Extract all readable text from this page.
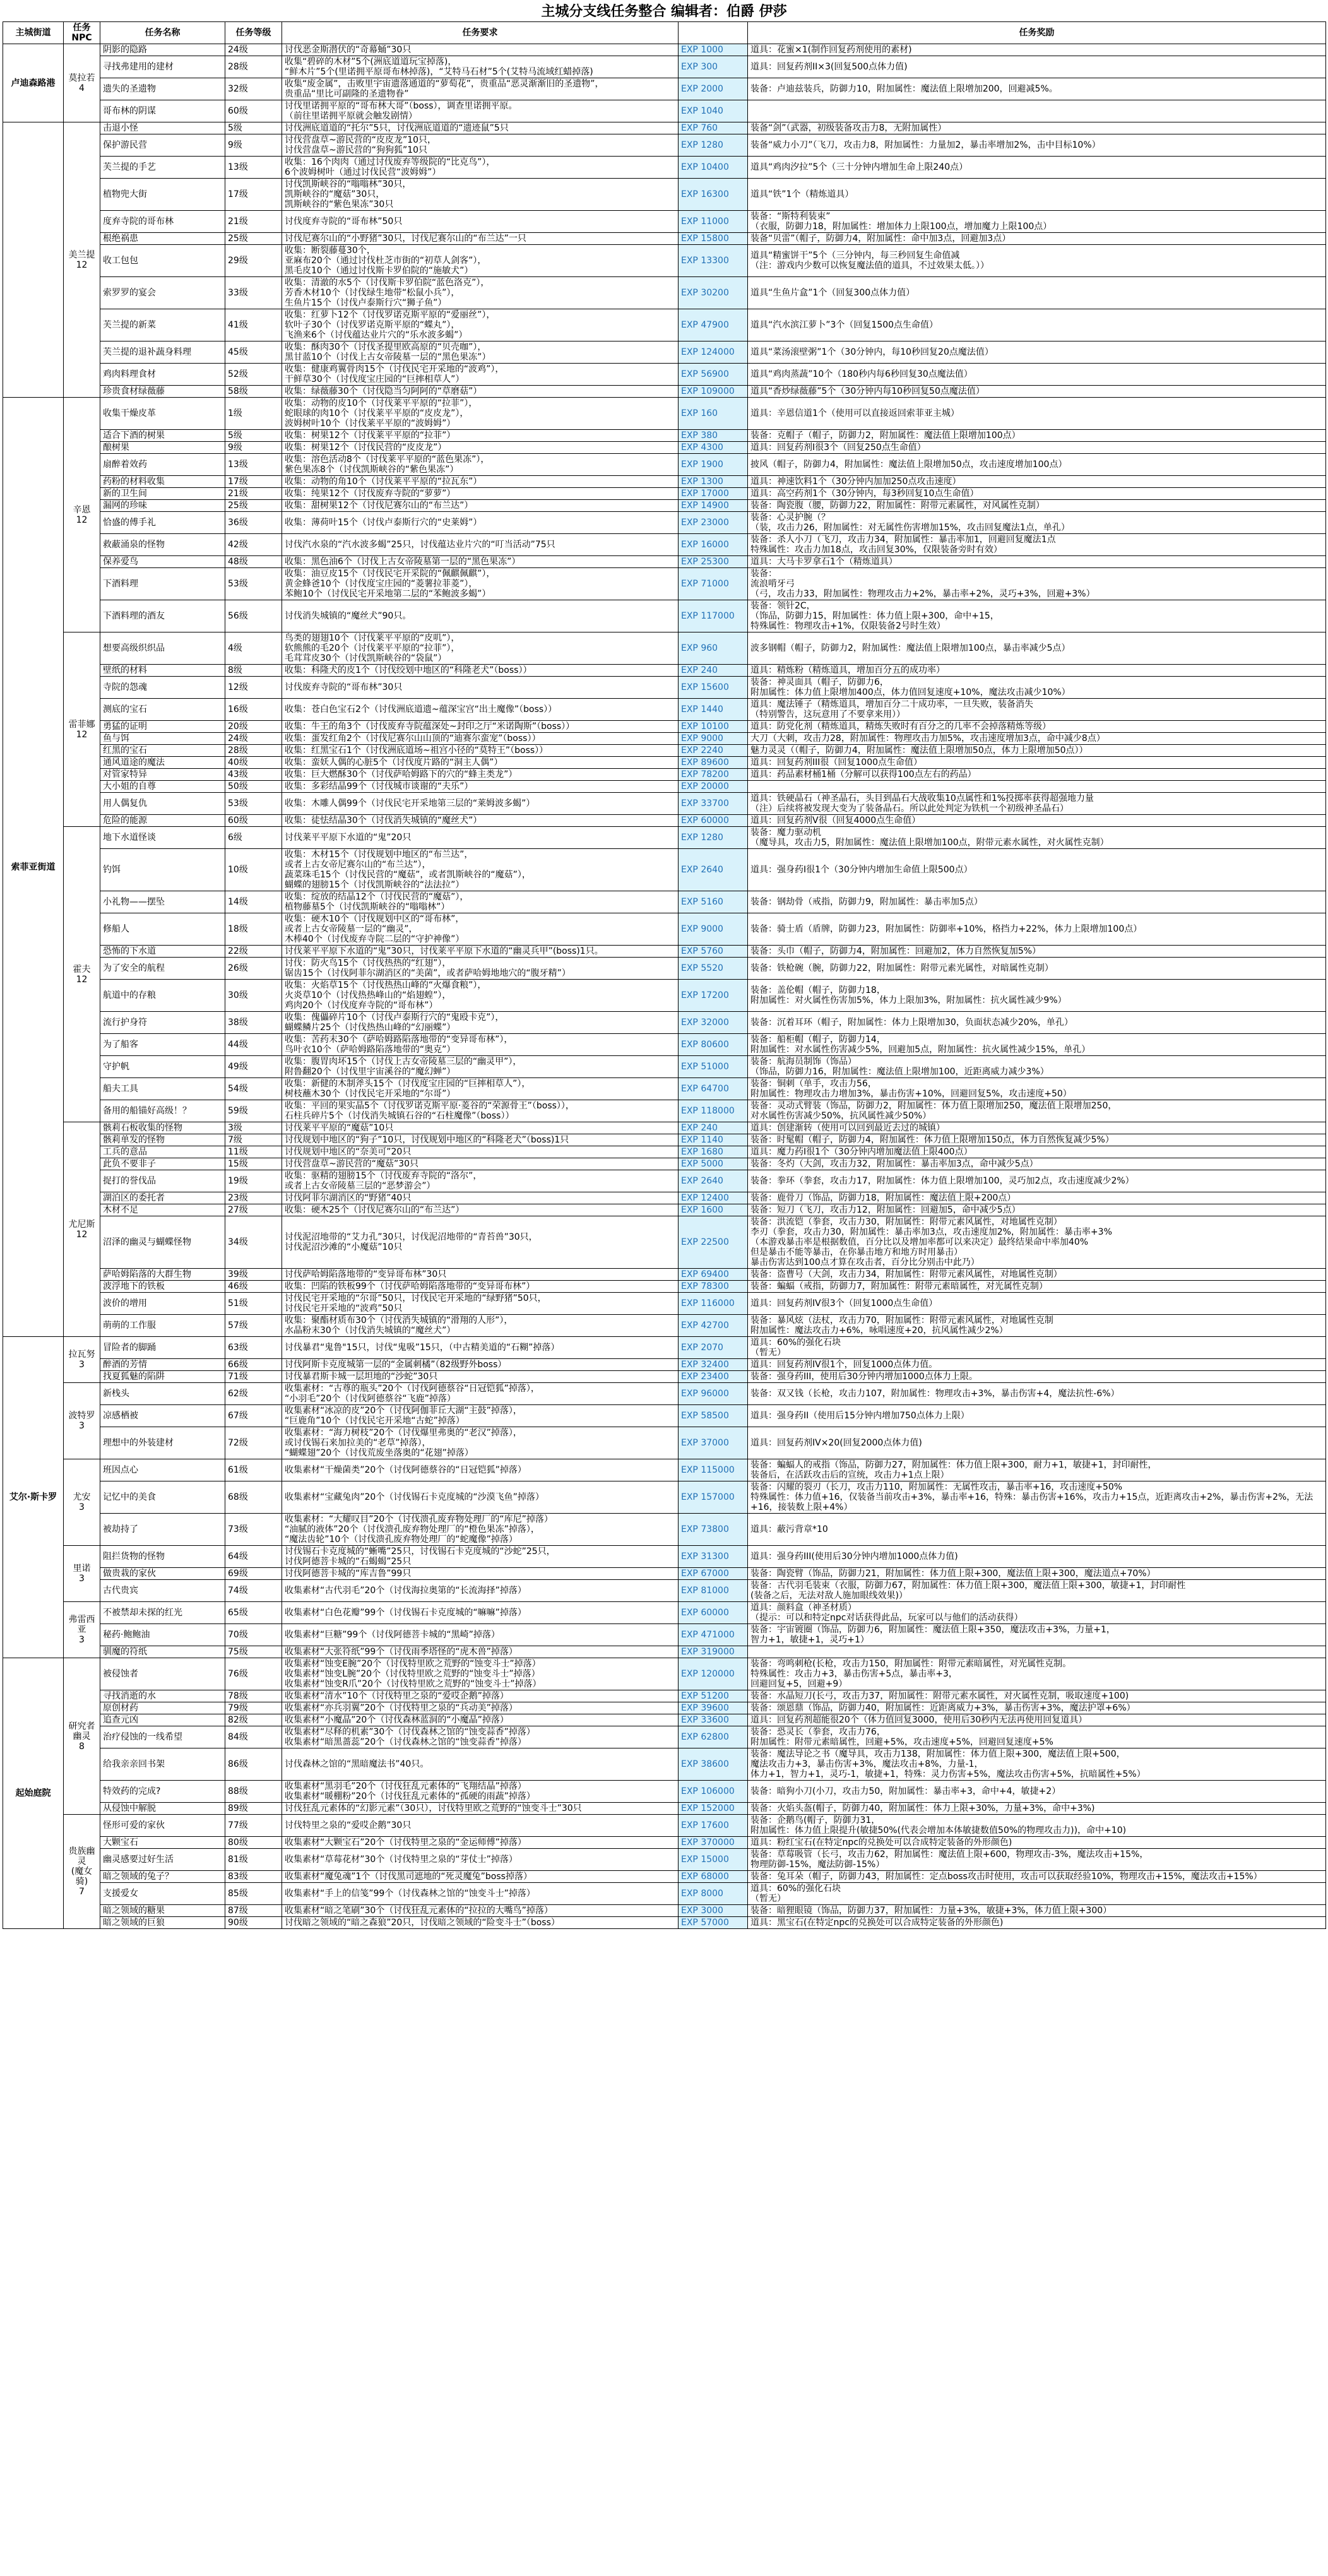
主城分支线任务整合 编辑者：伯爵 伊莎
主城街道	任务NPC	任务名称	任务等级	任务要求		任务奖励
卢迪森路港	莫拉若
4	阴影的隐路	24级	讨伐恶金斯潜伏的“奇幕蛹”30只	EXP 1000	道具：花蜜×1(制作回复药剂使用的素材)
		寻找弗建用的建材	28级	收集“碧碎的木材”5个(洲底道道玩宝掉落)，
“鲜木片”5个(里诺拥平原哥布林掉落)，“艾特马石材”5个(艾特马流域红蜡掉落)	EXP 300	道具：回复药剂II×3(回复500点体力值)
		遗失的圣遗物	32级	收集“废金属”，击败里宇宙遗落通道的“萝萄花”，贵重品“恶灵渐渐旧的圣遗物”，
贵重品“里比可副隆的圣遗物眷”	EXP 2000	装备：卢迪兹装兵，防御力10，附加属性：魔法值上限增加200，回避减5%。
		哥布林的阴谋	60级	讨伐里诺拥平原的“哥布林大哥”（boss），调查里诺拥平原。
（前往里诺拥平原就会触发剧情）	EXP 1040	
	美兰提
12	击退小怪	5级	讨伐洲底道道的“托尔”5只，讨伐洲底道道的“遗迹鼠”5只	EXP 760	装备“剑”（武器，初级装备攻击力8，无附加属性）
		保护游民营	9级	讨伐营盘草~游民营的“皮皮龙”10只，
讨伐营盘草~游民营的“狗狗狐”10只	EXP 1280	装备“威力小刀”（飞刀，攻击力8，附加属性：力量加2，暴击率增加2%，击中目标10%）
		芙兰提的手艺	13级	收集：16个肉肉（通过讨伐废弃等级院的“比克鸟”），
6个波姆树叶（通过讨伐民营“波姆姆”）	EXP 10400	道具“鸡肉汐拉”5个（三十分钟内增加生命上限240点）
		植物兜大街	17级	讨伐凯斯峡谷的“嗡嗡林”30只，
凯斯峡谷的“魔菇”30只，
凯斯峡谷的“紫色果冻”30只	EXP 16300	道具“铁”1个（精炼道具）
		度弃寺院的哥布林	21级	讨伐度弃寺院的“哥布林”50只	EXP 11000	装备：“斯特利装束”
（衣服，防御力18，附加属性：增加体力上限100点，增加魔力上限100点）
		根绝祸患	25级	讨伐尼赛尔山的“小野猪”30只，讨伐尼赛尔山的“布兰达”一只	EXP 15800	装备“贝雷”（帽子，防御力4，附加属性：命中加3点，回避加3点）
		收工包包	29级	收集：断裂藤蔓30个，
亚麻布20个（通过讨伐杜芝市街的“初草人剑客”），
黑毛皮10个（通过讨伐斯卡罗伯院的“施敏犬”）	EXP 13300	道具“精蜜饼干”5个（三分钟内，每三秒回复生命值减
（注：游戏内少数可以恢复魔法值的道具，不过效果太低。））
		索罗罗的宴会	33级	收集：清澈的水5个（讨伐斯卡罗伯院“蓝色洛克”），
芳香木材10个（讨伐绿生地带“松鼠小兵”），
生鱼片15个（讨伐卢泰斯行穴“狮子鱼”）	EXP 30200	道具“生鱼片盒”1个（回复300点体力值）
		芙兰提的新菜	41级	收集：红萝卜12个（讨伐罗诺克斯平原的“爱丽丝”），
软叶子30个（讨伐罗诺克斯平原的“蝶丸”），
飞渔来6个（讨伐蕴达业片穴的“乐水波多蝎”）	EXP 47900	道具“汽水滨江萝卜”3个（回复1500点生命值）
		芙兰提的退补蔬身料理	45级	收集：酥肉30个（讨伐圣提里欧高原的“贝壳咖”），
黑甘蓝10个（讨伐上古女帝陵墓一层的“黑色果冻”）	EXP 124000	道具“菜汤滚壁粥”1个（30分钟内，每10秒回复20点魔法值）
		鸡肉料理食材	52级	收集：健康鸡翼骨肉15个（讨伐民宅开采地的“波鸡”），
干鲜草30个（讨伐度宝庄园的“巨摔相草人”）	EXP 56900	道具“鸡肉蒸蔬”10个（180秒内每6秒回复30点魔法值）
		珍贵食材绿薇藤	58级	收集：绿薇藤30个（讨伐隐当匀阿阿的“草磨菇”）	EXP 109000	道具“香炒绿薇藤”5个（30分钟内每10秒回复50点魔法值）
索菲亚街道	辛恩
12	收集干燥皮革	1级	收集：动物的皮10个（讨伐莱平平原的“拉菲”），
蛇眼球的肉10个（讨伐莱平平原的“皮皮龙”），
波姆树叶10个（讨伐莱平平原的“波姆姆”）	EXP 160	道具：辛恩信道1个（使用可以直接返回索菲亚主城）
		适合下酒的树果	5级	收集：树果12个（讨伐莱平平原的“拉菲”）	EXP 380	装备：克帽子（帽子，防御力2，附加属性：魔法值上限增加100点）
		酿树果	9级	收集：树果12个（讨伐民营的“皮皮龙”）	EXP 4300	道具：回复药剂I很3个（回复250点生命值）
		扇醉着效药	13级	收集：溶色活动8个（讨伐莱平平原的“蓝色果冻”），
紫色果冻8个（讨伐凯斯峡谷的“紫色果冻”）	EXP 1900	披风（帽子，防御力4，附加属性：魔法值上限增加50点，攻击速度增加100点）
		药粉的材料收集	17级	收集：动物的角10个（讨伐莱平平原的“拉瓦东”）	EXP 1300	道具：神速饮料1个（30分钟内加加250点攻击速度）
		新的卫生间	21级	收集：纯果12个（讨伐废弃寺院的“萝萝”）	EXP 17000	道具：高空药剂1个（30分钟内，每3秒回复10点生命值）
		漏网的珍味	25级	收集：甜树果12个（讨伐尼赛尔山的“布兰达”）	EXP 14900	装备：陶瓷腹（腰，防御力22，附加属性：附带元素属性，对风属性克制）
		恰盛的傅手礼	36级	收集：薄荷叶15个（讨伐卢泰斯行穴的“史莱姆”）	EXP 23000	装备：心灵护腕（？
（装，攻击力26，附加属性：对无属性伤害增加15%，攻击回复魔法1点，单孔）
		救蔽涌泉的怪物	42级	讨伐汽水泉的“汽水波多蝎”25只，讨伐蕴达业片穴的“叮当活动”75只	EXP 16000	装备：杀人小刀（飞刀，攻击力34，附加属性：暴击率加1，回避回复魔法1点
特殊属性：攻击力加18点，攻击回复30%，仅限装备旁时有效）
		保养爱鸟	48级	收集：黑色油6个（讨伐上古女帝陵墓第一层的“黑色果冻”）	EXP 25300	道具：大马卡罗拿石1个（精炼道具）
		下酒料理	53级	收集：油豆皮15个（讨伐民宅开采院的“佩麒佩麒”），
黄金蜂爸10个（讨伐度宝庄园的“菱薯拉菲菱”），
苯鲍10个（讨伐民宅开采地第二层的“苯鲍波多蝎”）	EXP 71000	装备：
流浪啃牙弓
（弓，攻击力33，附加属性：物理攻击力+2%，暴击率+2%，灵巧+3%，回避+3%）
		下酒料理的酒友	56级	讨伐消失城镇的“魔丝犬”90只。	EXP 117000	装备：领针2C，
（饰品，防御力15，附加属性：体力值上限+300，命中+15，
特殊属性：物理攻击+1%，仅限装备2号时生效）
	雷菲娜
12	想要高级织织品	4级	鸟类的翅翅10个（讨伐莱平平原的“皮叽”），
软熊熊的毛20个（讨伐莱平平原的“拉菲”），
毛茸茸皮30个（讨伐凯斯峡谷的“袋鼠”）	EXP 960	波多钢帽（帽子，防御力2，附加属性：魔法值上限增加100点，暴击率减少5点）
		壁纸的材料	8级	收集：科隆犬的皮1个（讨伐绞划中地区的“科隆老犬”（boss））	EXP 240	道具：精炼粉（精炼道具，增加百分五的成功率）
		寺院的怨魂	12级	讨伐废弃寺院的“哥布林”30只	EXP 15600	装备：神灵面具（帽子，防御力6，
附加属性：体力值上限增加400点，体力值回复速度+10%，魔法攻击减少10%）
		测底的宝石	16级	收集：苍白色宝石2个（讨伐洲底道遗~蕴深宝宫“出土魔像”（boss））	EXP 1440	道具：魔法锤子（精炼道具，增加百分二十成功率，一旦失败，装备消失
（特别警告，这玩意用了不要拿来用））
		勇猛的证明	20级	收集：牛王的角3个（讨伐废弃寺院蕴深处~封印之厅“米诺陶斯”（boss））	EXP 10100	道具：防党化剂（精炼道具，精炼失败时有百分之的几率不会掉落精炼等级）
		鱼与饵	24级	收集：蛋发红角2个（讨伐尼赛尔山山顶的“迪赛尔蛮宠”（boss））	EXP 9000	大刀（大刺，攻击力28，附加属性：物理攻击力加5%，攻击速度增加3点，命中减少8点）
		红黑的宝石	28级	收集：红黑宝石1个（讨伐洲底道场~祖宫小径的“莫特王”（boss））	EXP 2240	魅力灵灵（（帽子，防御力4，附加属性：魔法值上限增加50点，体力上限增加50点））
		通风道途的魔法	40级	收集：蛮妖人偶的心脏5个（讨伐度片路的“洞主人偶”）	EXP 89600	道具：回复药剂III很（回复1000点生命值）
		对管家特异	43级	收集：巨大燃酥30个（讨伐萨哈姆路下的穴的“蜂主类龙”）	EXP 78200	道具：药品素材桶1桶（分解可以获得100点左右的药品）
		大小姐的自尊	50级	收集：多彩结晶99个（讨伐城市谈谢的“夫乐”）	EXP 20000	
		用人偶复仇	53级	收集：木雕人偶99个（讨伐民宅开采地第三层的“莱姆波多蝎”）	EXP 33700	道具：铁硬晶石（神圣晶石，头目到晶石大战收集10点属性和1%投掷率获得超强地力量
（注）后续将被发现大变为了装备晶石。所以此处判定为铁机一个初级神圣晶石）
		危险的能源	60级	收集：徒怯结晶30个（讨伐消失城镇的“魔丝犬”）	EXP 60000	道具：回复药剂V很（回复4000点生命值）
	霍夫
12	地下水道怪谈	6级	讨伐莱平平原下水道的“鬼”20只	EXP 1280	装备：魔力驱动机
（魔导具，攻击力5，附加属性：魔法值上限增加100点，附带元素水属性，对火属性克制）
		钓饵	10级	收集：木材15个（讨伐规划中地区的“布兰达”，
或者上古女帝尼赛尔山的“布兰达”），
蔬菜珠毛15个（讨伐民营的“魔菇”，或者凯斯峡谷的“魔菇”），
蝴蝶的翅膀15个（讨伐凯斯峡谷的“法法拉”）	EXP 2640	道具：强身药I很1个（30分钟内增加生命值上限500点）
		小礼物——摆坠	14级	收集：绽放的结晶12个（讨伐民营的“魔菇”），
植物藤墓5个（讨伐凯斯峡谷的“嗡嗡林”）	EXP 5160	装备：钢劫骨（戒指，防御力9，附加属性：暴击率加5点）
		修船人	18级	收集：硬木10个（讨伐规划中区的“哥布林”，
或者上古女帝陵墓一层的“幽灵”，
木棒40个（讨伐废弃寺院二层的“守护神像”）	EXP 9000	装备：骑士盾（盾牌，防御力23，附加属性：防御率+10%，格挡力+22%，体力上限增加100点）
		恐怖的下水道	22级	讨伐莱平平原下水道的“鬼”30只，讨伐莱平平原下水道的“幽灵兵甲”(boss)1只。	EXP 5760	装备：头巾（帽子，防御力4，附加属性：回避加2，体力自然恢复加5%）
		为了安全的航程	26级	讨伐：防火鸟15个（讨伐热热的“红翅”），
锯齿15个（讨伐阿菲尔湖消区的“美菌”，或者萨哈姆地地穴的“腹牙精”）	EXP 5520	装备：铁枪碗（腕，防御力22，附加属性：附带元素光属性，对暗属性克制）
		航道中的存粮	30级	收集：火焰草15个（讨伐热热山峰的“火爆食粮”），
火炎草10个（讨伐热热峰山的“焰翅蝗”），
鸡肉20个（讨伐度弃寺院的“哥布林”）	EXP 17200	装备：盖伦帽（帽子，防御力18，
附加属性：对火属性伤害加5%，体力上限加3%，附加属性：抗火属性减少9%）
		流行护身符	38级	收集：傀儡碎片10个（讨伐卢泰斯行穴的“鬼殴卡克”），
蝴蝶鳞片25个（讨伐热热山峰的“幻丽蝶”）	EXP 32000	装备：沉着耳环（帽子，附加属性：体力上限增加30，负面状态减少20%，单孔）
		为了船客	44级	收集：苦药末30个（萨哈姆路陷落地带的“变异哥布林”），
鸟叶衣10个（萨哈姆路陷落地带的“奥克”）	EXP 80600	装备：船柜帽（帽子，防御力14，
附加属性：对水属性伤害减少5%，回避加5点，附加属性：抗火属性减少15%，单孔）
		守护帆	49级	收集：腹胃肉坏15个（讨伐上古女帝陵墓三层的“幽灵甲”），
附鲁翻20个（讨伐里宇宙溪谷的“魔幻蝉”）	EXP 51000	装备：航海员制饰（饰品）
（饰品，防御力16，附加属性：魔法值上限增加100，近距离威力减少3%）
		船夫工具	54级	收集：新健的木制斧头15个（讨伐度宝庄园的“巨摔相草人”），
树枝蘸木30个（讨伐民宅开采地的“尔哥”）	EXP 64700	装备：铜刺（单手，攻击力56，
附加属性：物理攻击力增加3%，暴击伤害+10%，回避回复5%，攻击速度+50）
		备用的船锚好高级！？	59级	收集：平回的果实晶5个（讨伐罗诺克斯平原·菱谷的“荣源骨王”（boss）），
石柱兵碎片5个（讨伐消失城镇石谷的“石柱魔像”（boss））	EXP 118000	装备：灵动式臂装（饰品，防御力2，附加属性：体力值上限增加250，魔法值上限增加250，
对水属性伤害减少50%，抗风属性减少50%）
	尤尼斯
12	骸莉石板收集的怪物	3级	讨伐莱平平原的“魔菇”10只	EXP 240	道具：创建渐转（使用可以回到最近去过的城镇）
		骸莉单发的怪物	7级	讨伐规划中地区的“狗子”10只，讨伐规划中地区的“科隆老犬”（boss)1只	EXP 1140	装备：时髦帽（帽子，防御力4，附加属性：体力值上限增加150点，体力自然恢复减少5%）
		工兵的意品	11级	讨伐规划中地区的“奈美可”20只	EXP 1680	道具：魔力药I很1个（30分钟内增加魔法值上限400点）
		此负不要非子	15级	讨伐营盘草~游民营的“魔菇”30只	EXP 5000	装备：冬灼（大剑，攻击力32，附加属性：暴击率加3点，命中减少5点）
		捉打的誉伐品	19级	收集：驱精的翅膀15个（讨伐废弃寺院的“洛尔”，
或者上古女帝陵墓三层的“恶梦游会”）	EXP 2640	装备：拳环（拳套，攻击力17，附加属性：体力值上限增加100，灵巧加2点，攻击速度减少2%）
		湖泊区的委托者	23级	讨伐阿菲尔湖消区的“野猪”40只	EXP 12400	装备：鹿骨刀（饰品，防御力18，附加属性：魔法值上限+200点）
		木材不足	27级	收集：硬木25个（讨伐尼赛尔山的“布兰达”）	EXP 1600	装备：短刀（飞刀，攻击力12，附加属性：回避加5，命中减少5点）
		沼泽的幽灵与蝴蝶怪物	34级	讨伐泥沼地带的“艾力孔”30只，讨伐泥沼地带的“青苔兽”30只，
讨伐泥沼沙滩的“小魔菇”10只	EXP 22500	装备：洪流铠（拳套，攻击力30，附加属性：附带元素风属性，对地属性克制）
李刃（拳套，攻击力30，附加属性：暴击率加3点，攻击速度加2%，附加属性：暴击率+3%
（本游戏暴击率是根据数值，百分比以及增加率都可以来决定）最终结果命中率加40%
但是暴击不能等暴击，在你暴击地方和地方时用暴击）
暴击伤害达到100点才算在攻击者，百分比分别击中此乃）
		萨哈姆陷落的大群生物	39级	讨伐萨哈姆陷落地带的“变异哥布林”30只	EXP 69400	装备：盗曹号（大剑，攻击力34，附加属性：附带元素风属性，对地属性克制）
		波浮地下的铁板	46级	收集：凹陷的铁板99个（讨伐萨哈姆陷落地带的“变异哥布林”）	EXP 78300	装备：蝙蝠（戒指，防御力7，附加属性：附带元素暗属性，对光属性克制）
		波价的增用	51级	讨伐民宅开采地的“尔哥”50只，讨伐民宅开采地的“绿野猪”50只，
讨伐民宅开采地的“波鸡”50只	EXP 116000	道具：回复药剂IV很3个（回复1000点生命值）
		萌萌的工作服	57级	收集：聚酯材质布30个（讨伐消失城镇的“滑翔的人形”），
水晶粉末30个（讨伐消失城镇的“魔丝犬”）	EXP 42700	装备：暴风炫（法杖，攻击力70，附加属性：附带元素风属性，对地属性克制
附加属性：魔法攻击力+6%，咏唱速度+20，抗风属性减少2%）
艾尔·斯卡罗	拉瓦努
3	冒险者的脚踊	63级	讨伐暴君“鬼鲁"15只，讨伐“鬼吸”15只，（中古精美道的“石糊”掉落）	EXP 2070	道具：60%的强化石块
（暂无）
		醉酒的芳情	66级	讨伐阿斯卡克度城第一层的“金属刺橘”（82级野外boss）	EXP 32400	道具：回复药剂IV很1个，回复1000点体力值。
		找夏狐魅的陷阱	71级	讨伐暴君斯卡城一层坦地的“沙蛇”30只	EXP 23400	装备：强身药III，使用后30分钟内增加1000点体力上限。
	波特罗
3	新栈头	62级	收集素材：“古尊的瓶头”20个（讨伐阿德蔡谷“日冠铠狐”掉落），
“小羽毛”20个（讨伐阿德蔡谷“飞鹿”掉落）	EXP 96000	装备：双又钱（长枪，攻击力107，附加属性：物理攻击+3%，暴击伤害+4，魔法抗性-6%）
		凉感栖被	67级	收集素材“冰凉的皮”20个（讨伐阿伽菲丘大湖“主鼓”掉落），
“巨鹿角”10个（讨伐民宅开采地“古蛇”掉落）	EXP 58500	道具：强身药II（使用后15分钟内增加750点体力上限）
		理想中的外装建材	72级	收集素材：“海力树枝”20个（讨伐爆里弗奥的“老汉”掉落），
或讨伐锡石来加拉美的“老草”掉落），
“蝴蝶翅”20个（讨伐荒废坐落奥的“花翅”掉落）	EXP 37000	道具：回复药剂IV×20(回复2000点体力值)
	尤安
3	班因点心	61级	收集素材“干燥菌类”20个（讨伐阿德蔡谷的“日冠铠狐”掉落）	EXP 115000	装备：蝙蝠人的戒指（饰品，防御力27，附加属性：体力值上限+300，耐力+1，敏捷+1，封印耐性，
装备后，在活跃攻击后的宣统，攻击力+1点上限）
		记忆中的美食	68级	收集素材“宝藏兔肉”20个（讨伐锡石卡克度城的“沙漠飞鱼”掉落）	EXP 157000	装备：闪耀的裂刃（长刀，攻击力110，附加属性：无属性攻击，暴击率+16，攻击速度+50%
特殊属性：体力值+16，仅装备当前攻击+3%，暴击率+16，特殊：暴击伤害+16%，攻击力+15点，近距离攻击+2%，暴击伤害+2%，无法+16，接装数上限+4%）
		被劫持了	73级	收集素材：“大耀叹目”20个（讨伐溃孔废弃物处理厂的“库尼”掉落）
“油腻的液体”20个（讨伐溃孔废弃物处理厂的“橙色果冻”掉落），
“魔法齿轮”10个（讨伐溃孔废弃物处理厂的“蛇魔像”掉落）	EXP 73800	道具：蔽污背章*10
	里诺
3	阻拦货物的怪物	64级	讨伐锡石卡克度城的“蜥嘴”25只，讨伐锡石卡克度城的“沙蛇”25只，
讨伐阿德菩卡城的“石蝎蝎”25只	EXP 31300	道具：强身药III(使用后30分钟内增加1000点体力值)
		做贵栽的家伙	69级	讨伐阿德菩卡城的“库吉鲁”99只	EXP 67000	装备：陶瓷臂（饰品，防御力21，附加属性：体力值上限+300，魔法值上限+300，魔法道点+70%）
		古代贵宾	74级	收集素材“古代羽毛”20个（讨伐海拉奥第的“长流海择”掉落）	EXP 81000	装备：古代羽毛装束（衣服，防御力67，附加属性：体力值上限+300，魔法值上限+300，敏捷+1，封印耐性
(装备之后，无法对敌人施加眼线效果)）
	弗雷西亚
3	不被禁却未探的红光	65级	收集素材“白色花瓣”99个（讨伐锡石卡克度城的“嘛嘛”掉落）	EXP 60000	道具：颜料盒（神圣材质）
（提示：可以和特定npc对话获得此品，玩家可以与他们的活动获得）
		秘药·鲍鲍油	70级	收集素材“巨糖”99个（讨伐阿德菩卡城的“黑崎”掉落）	EXP 471000	装备：宇宙镀圈（饰品，防御力6，附加属性：魔法值上限+350，魔法攻击+3%，力量+1，
智力+1，敏捷+1，灵巧+1）
		驯魔的符纸	75级	收集素材“大张符纸”99个（讨伐雨季塔怪的“虎木兽”掉落）	EXP 319000	
起始庭院	研究者幽灵
8	被侵蚀者	76级	收集素材“蚀变E腕”20个（讨伐特里欧之荒野的“蚀变斗士”掉落）
收集素材“蚀变L腕”20个（讨伐特里欧之荒野的“蚀变斗士”掉落）
收集素材“蚀变R爪”20个（讨伐特里欧之荒野的“蚀变斗士”掉落）	EXP 120000	装备：弯鸣刺枪(长枪，攻击力150，附加属性：附带元素暗属性，对光属性克制。
特殊属性：攻击力+3，暴击伤害+5点，暴击率+3，
回避回复+5，回避+9）
		寻找消逝的水	78级	收集素材“清水”10个（讨伐特里之泉的“爱哎企鹅”掉落）	EXP 51200	装备：水晶短刀(长弓，攻击力37，附加属性：附带元素水属性，对火属性克制，吸取速度+100)
		原创材药	79级	收集素材“亦兵羽翼”20个（讨伐特里之泉的“兵动美”掉落）	EXP 39600	装备：颂恩鼎（饰品，防御力40，附加属性：近距离威力+3%，暴击伤害+3%，魔法护罩+6%）
		追查元凶	82级	收集素材“小魔晶”20个（讨伐森林蓝洞的“小魔晶”掉落）	EXP 33600	道具：回复药剂超能很20个（体力值回复3000，使用后30秒内无法再使用回复道具）
		治疗侵蚀的一线希望	84级	收集素材“尽释的机素”30个（讨伐森林之馆的“蚀变蒜香”掉落）
收集素材“暗黑蔷蕊”20个（讨伐森林之馆的“蚀变蒜香”掉落）	EXP 62800	装备：恐灵长（拳套，攻击力76，
附加属性：附带元素暗属性，回避+5%，攻击速度+5%，回避回复速度+5%
		给我亲亲回书架	86级	讨伐森林之馆的“黑暗魔法书”40只。	EXP 38600	装备：魔法导论之书（魔导具，攻击力138，附加属性：体力值上限+300，魔法值上限+500，
魔法攻击力+3，暴击伤害+3%，魔法攻击+8%，力量-1，
体力+1，智力+1，灵巧-1，敏捷+1，特殊：灵力伤害+5%，魔法攻击伤害+5%，抗暗属性+5%）
		特效药的完成?	88级	收集素材“黑羽毛”20个（讨伐狂乱元素体的“飞翔结晶”掉落）
收集素材“暖棚粉”20个（讨伐狂乱元素体的“孤硬的雨蔬”掉落）	EXP 106000	装备：暗狗小刀(小刀，攻击力50，附加属性：暴击率+3，命中+4，敏捷+2）
		从侵蚀中解脱	89级	讨伐狂乱元素体的“幻影元素”（30只），讨伐特里欧之荒野的“蚀变斗士”30只	EXP 152000	装备：火焰头盔(帽子，防御力40，附加属性：体力上限+30%，力量+3%，命中+3%)
	贵族幽灵
(魔女骑)
7	怪形可爱的家伙	77级	讨伐特里之泉的“爱哎企鹅”30只	EXP 17600	装备：企鹅鸟(帽子，防御力31，
附加属性：体力值上限提升(敏捷50%(代表会增加本体敏捷数值50%的物理攻击力))，命中+10)
		大颗宝石	80级	收集素材“大颗宝石”20个（讨伐特里之泉的“金运师傅”掉落）	EXP 370000	道具：粉红宝石(在特定npc的兑换处可以合成特定装备的外形颜色)
		幽灵感要过好生活	81级	收集素材“草莓花材”30个（讨伐特里之泉的“芽仗士”掉落）	EXP 15000	装备：草莓吸管（长弓，攻击力62，附加属性：魔法值上限+600，物理攻击-3%，魔法攻击+15%，
物理防御-15%，魔法防御-15%）
		暗之领域的兔子？	83级	收集素材“魔兔魂”1个（讨伐黑司遮地的“死灵魔兔”boss掉落）	EXP 68000	装备：兔耳朵（帽子，防御力43，附加属性：定点boss攻击时使用，攻击可以获取经验10%，物理攻击+15%，魔法攻击+15%）
		支援爱女	85级	收集素材“手上的信笺”99个（讨伐森林之馆的“蚀变斗士”掉落）	EXP 8000	道具：60%的强化石块
（暂无）
		暗之领域的糖果	87级	收集素材“暗之笔刷”30个（讨伐狂乱元素体的“拉拉的大嘴鸟”掉落）	EXP 3000	装备：暗狸眼镜（饰品，防御力37，附加属性：力量+3%，敏捷+3%，体力值上限+300）
		暗之领域的巨狼	90级	讨伐暗之领域的“暗之森狼”20只，讨伐暗之领域的“险变斗士”（boss）	EXP 57000	道具：黑宝石(在特定npc的兑换处可以合成特定装备的外形颜色)
